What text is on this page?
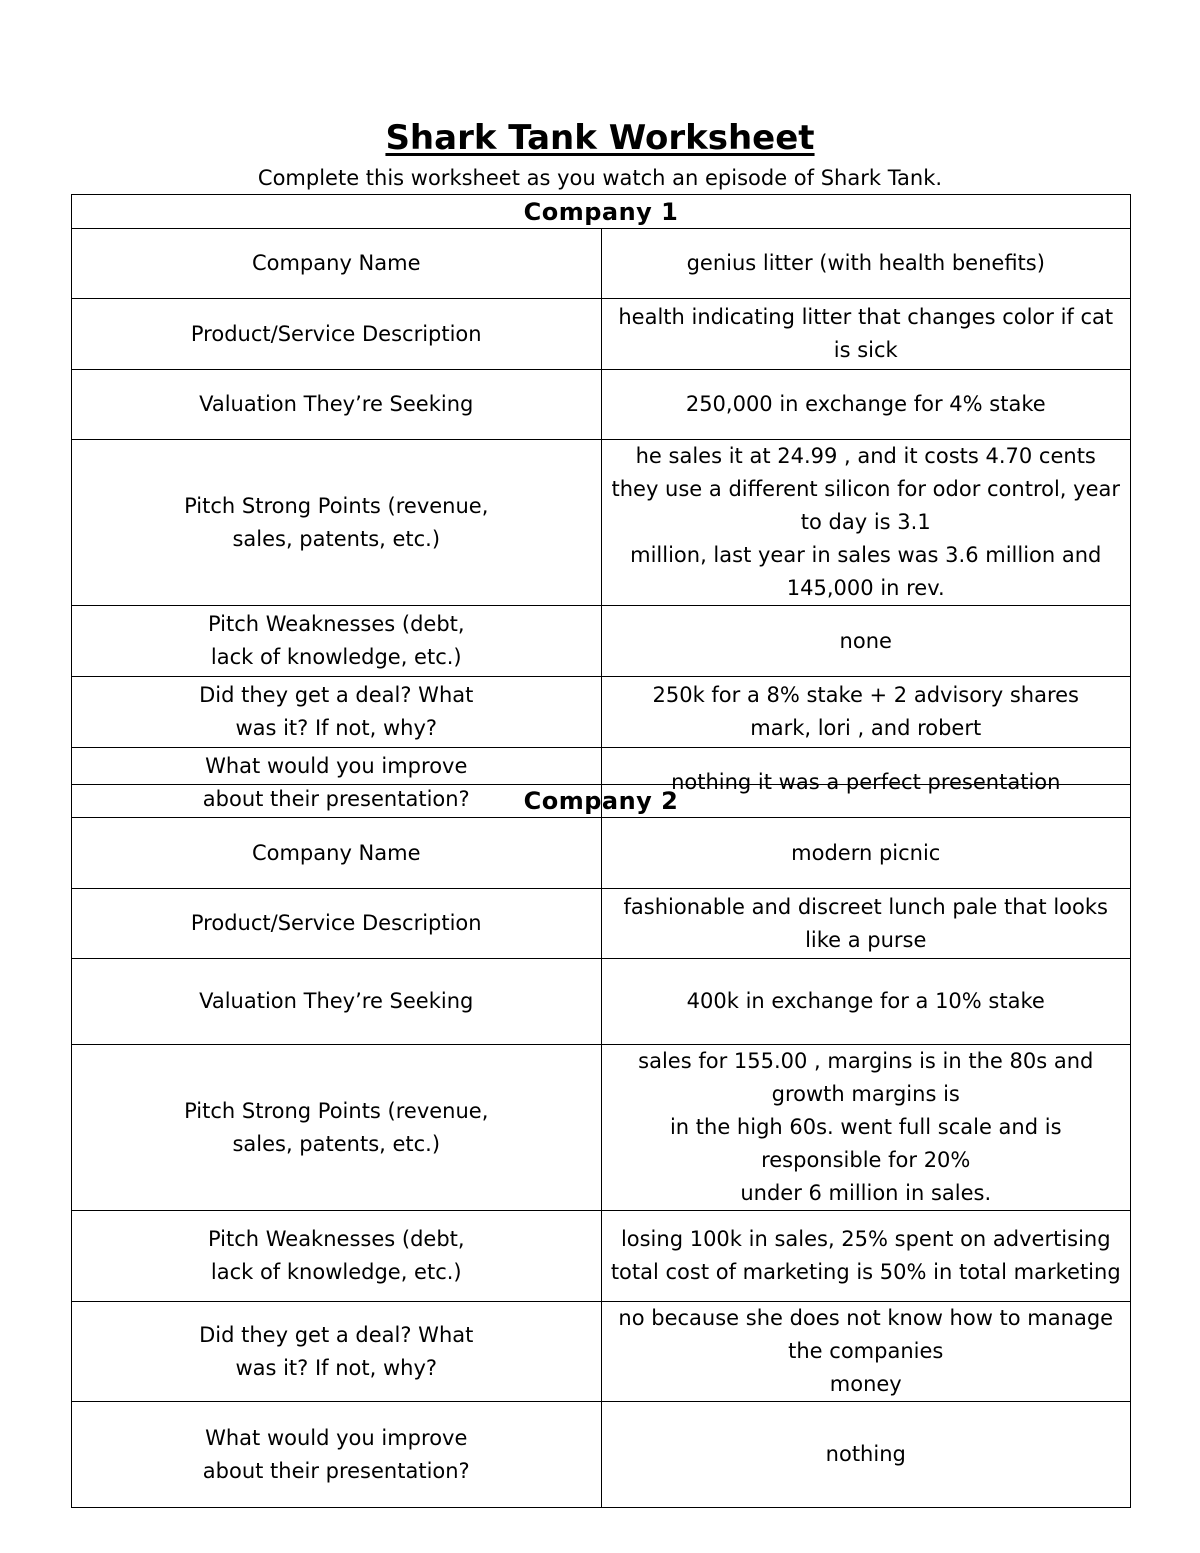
Shark Tank Worksheet
Complete this worksheet as you watch an episode of Shark Tank.
Company 1	
Company Name	genius litter (with health benefits)
Product/Service Description	health indicating litter that changes color if cat is sick
Valuation They’re Seeking	250,000 in exchange for 4% stake

Pitch Strong Points (revenue,
sales, patents, etc.)	he sales it at 24.99 , and it costs 4.70 cents
they use a different silicon for odor control, year to day is 3.1
million, last year in sales was 3.6 million and 145,000 in rev.

Pitch Weaknesses (debt,
lack of knowledge, etc.)	none

Did they get a deal? What
was it? If not, why?	250k for a 8% stake + 2 advisory shares
mark, lori , and robert

What would you improve
about their presentation?	nothing it was a perfect presentation
Company 2	
Company Name	modern picnic
Product/Service Description	fashionable and discreet lunch pale that looks like a purse
Valuation They’re Seeking	400k in exchange for a 10% stake

Pitch Strong Points (revenue,
sales, patents, etc.)	sales for 155.00 , margins is in the 80s and growth margins is
in the high 60s. went full scale and is responsible for 20%
under 6 million in sales.

Pitch Weaknesses (debt,
lack of knowledge, etc.)	losing 100k in sales, 25% spent on advertising
total cost of marketing is 50% in total marketing

Did they get a deal? What
was it? If not, why?	no because she does not know how to manage the companies
money

What would you improve
about their presentation?	nothing
